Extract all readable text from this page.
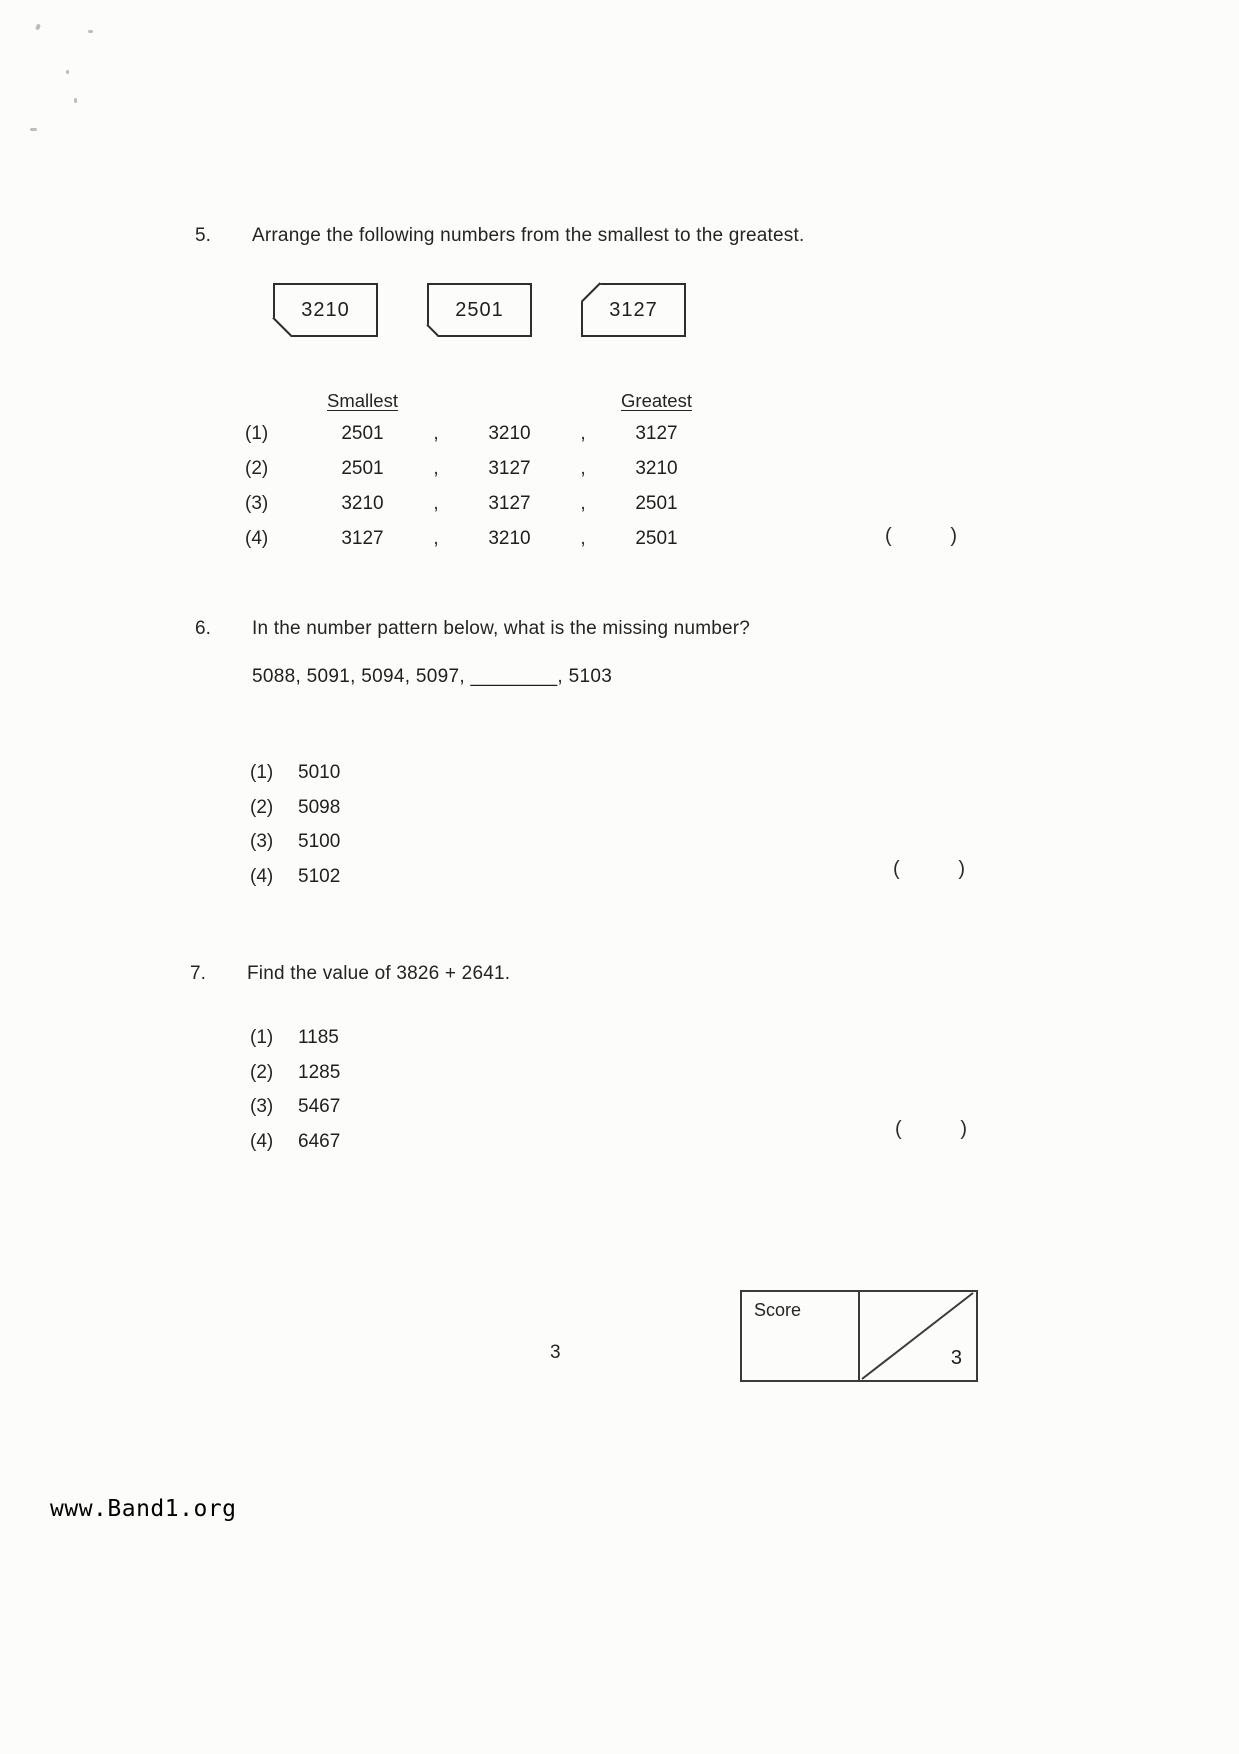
5.	Arrange the following numbers from the smallest to the greatest.
3210	2501	3127
Smallest	Greatest
(1)	2501	,	3210	,	3127
(2)	2501	,	3127	,	3210
(3)	3210	,	3127	,	2501
(4)	3127	,	3210	,	2501	(	)
6.	In the number pattern below, what is the missing number?
5088, 5091, 5094, 5097, ________, 5103
(1)	5010
(2)	5098
(3)	5100
(4)	5102	(	)
7.	Find the value of 3826 + 2641.
(1)	1185
(2)	1285
(3)	5467
(4)	6467
(	)
Score
3
3
www.Band1.org
